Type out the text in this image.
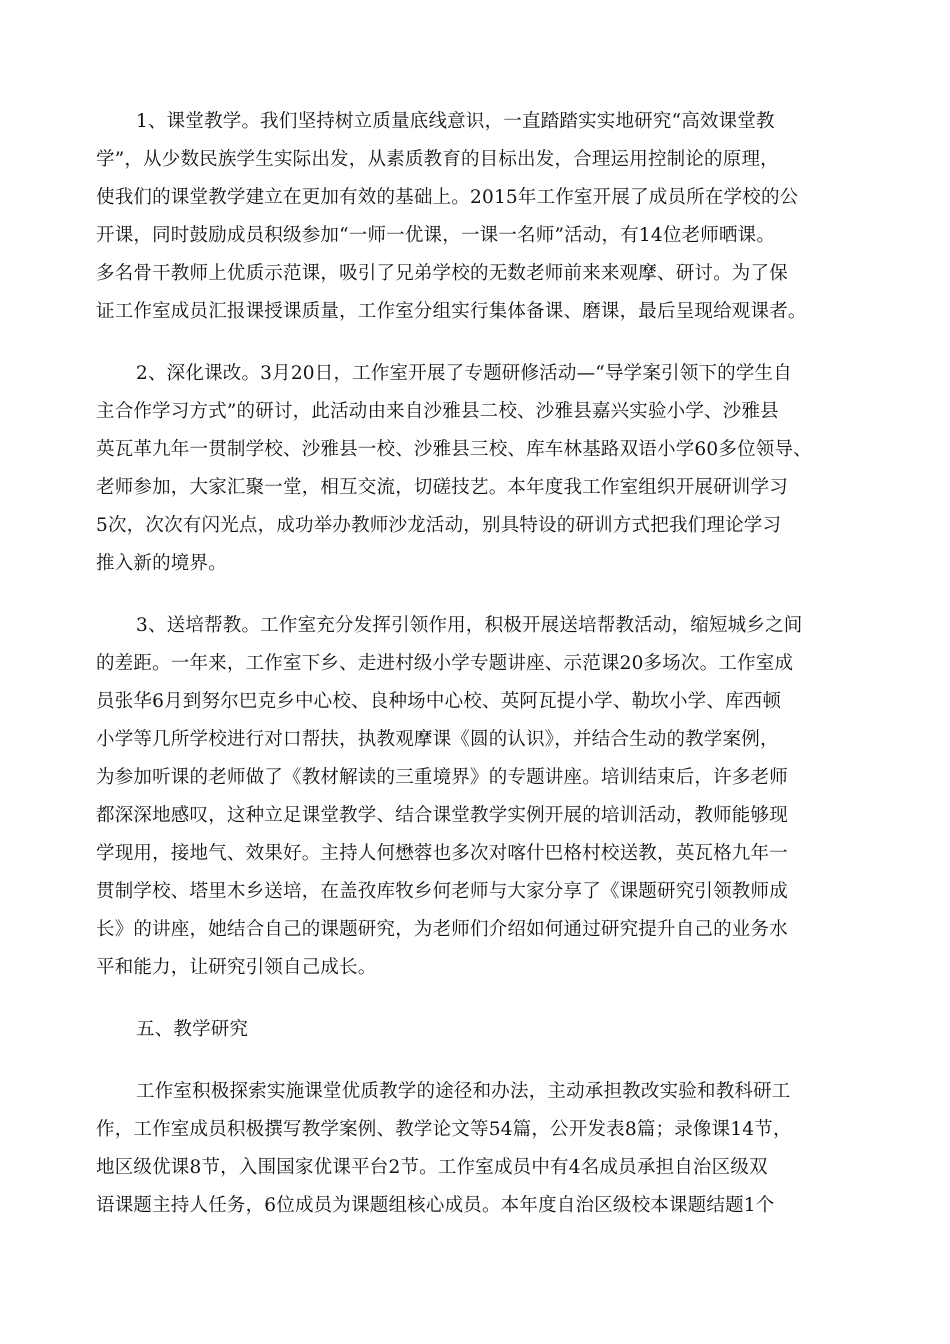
1、课堂教学。我们坚持树立质量底线意识，一直踏踏实实地研究“高效课堂教
学”，从少数民族学生实际出发，从素质教育的目标出发，合理运用控制论的原理，
使我们的课堂教学建立在更加有效的基础上。2015年工作室开展了成员所在学校的公
开课，同时鼓励成员积级参加“一师一优课，一课一名师”活动，有14位老师晒课。
多名骨干教师上优质示范课，吸引了兄弟学校的无数老师前来来观摩、研讨。为了保
证工作室成员汇报课授课质量，工作室分组实行集体备课、磨课，最后呈现给观课者。
2、深化课改。3月20日，工作室开展了专题研修活动—“导学案引领下的学生自
主合作学习方式”的研讨，此活动由来自沙雅县二校、沙雅县嘉兴实验小学、沙雅县
英瓦革九年一贯制学校、沙雅县一校、沙雅县三校、库车林基路双语小学60多位领导、
老师参加，大家汇聚一堂，相互交流，切磋技艺。本年度我工作室组织开展研训学习
5次，次次有闪光点，成功举办教师沙龙活动，别具特设的研训方式把我们理论学习
推入新的境界。
3、送培帮教。工作室充分发挥引领作用，积极开展送培帮教活动，缩短城乡之间
的差距。一年来，工作室下乡、走进村级小学专题讲座、示范课20多场次。工作室成
员张华6月到努尔巴克乡中心校、良种场中心校、英阿瓦提小学、勒坎小学、库西顿
小学等几所学校进行对口帮扶，执教观摩课《圆的认识》，并结合生动的教学案例，
为参加听课的老师做了《教材解读的三重境界》的专题讲座。培训结束后，许多老师
都深深地感叹，这种立足课堂教学、结合课堂教学实例开展的培训活动，教师能够现
学现用，接地气、效果好。主持人何懋蓉也多次对喀什巴格村校送教，英瓦格九年一
贯制学校、塔里木乡送培，在盖孜库牧乡何老师与大家分享了《课题研究引领教师成
长》的讲座，她结合自己的课题研究，为老师们介绍如何通过研究提升自己的业务水
平和能力，让研究引领自己成长。
五、教学研究
工作室积极探索实施课堂优质教学的途径和办法，主动承担教改实验和教科研工
作，工作室成员积极撰写教学案例、教学论文等54篇，公开发表8篇；录像课14节，
地区级优课8节，入围国家优课平台2节。工作室成员中有4名成员承担自治区级双
语课题主持人任务，6位成员为课题组核心成员。本年度自治区级校本课题结题1个
